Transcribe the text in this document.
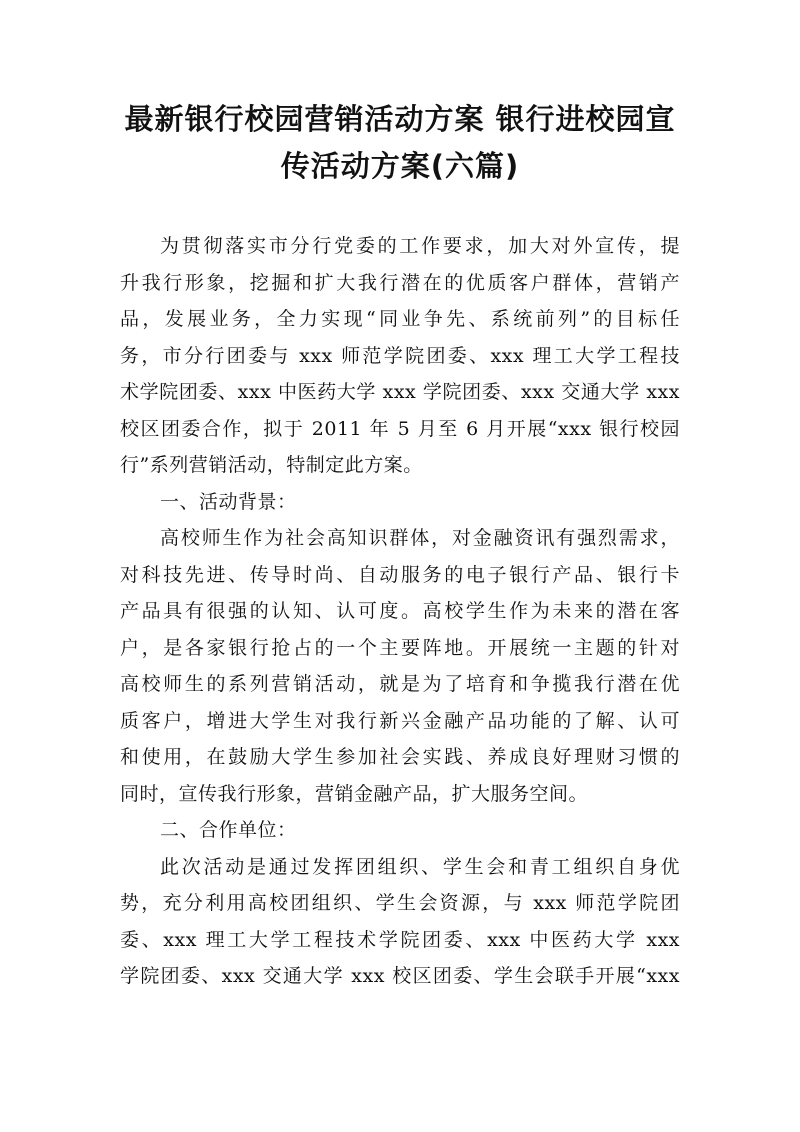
最新银行校园营销活动方案 银行进校园宣
传活动方案(六篇)
为贯彻落实市分行党委的工作要求，加大对外宣传，提
升我行形象，挖掘和扩大我行潜在的优质客户群体，营销产
品，发展业务，全力实现“同业争先、系统前列”的目标任
务，市分行团委与 xxx 师范学院团委、xxx 理工大学工程技
术学院团委、xxx 中医药大学 xxx 学院团委、xxx 交通大学 xxx
校区团委合作，拟于 2011 年 5 月至 6 月开展“xxx 银行校园
行”系列营销活动，特制定此方案。
一、活动背景：
高校师生作为社会高知识群体，对金融资讯有强烈需求，
对科技先进、传导时尚、自动服务的电子银行产品、银行卡
产品具有很强的认知、认可度。高校学生作为未来的潜在客
户，是各家银行抢占的一个主要阵地。开展统一主题的针对
高校师生的系列营销活动，就是为了培育和争揽我行潜在优
质客户，增进大学生对我行新兴金融产品功能的了解、认可
和使用，在鼓励大学生参加社会实践、养成良好理财习惯的
同时，宣传我行形象，营销金融产品，扩大服务空间。
二、合作单位：
此次活动是通过发挥团组织、学生会和青工组织自身优
势，充分利用高校团组织、学生会资源，与 xxx 师范学院团
委、xxx 理工大学工程技术学院团委、xxx 中医药大学 xxx
学院团委、xxx 交通大学 xxx 校区团委、学生会联手开展“xxx
